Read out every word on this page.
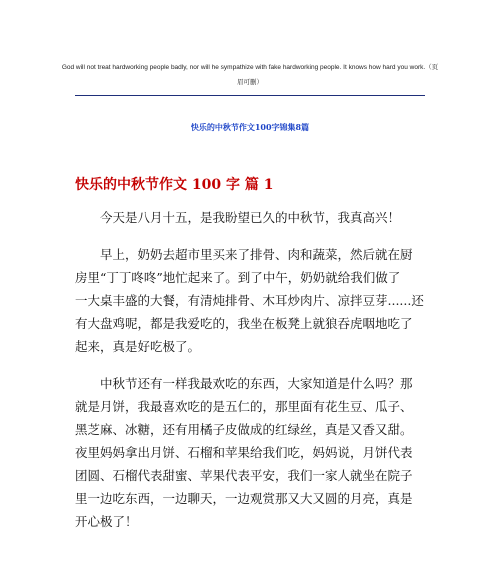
God will not treat hardworking people badly, nor will he sympathize with fake hardworking people. It knows how hard you work.（页眉可删）
快乐的中秋节作文100字锦集8篇
快乐的中秋节作文 100 字 篇 1
今天是八月十五，是我盼望已久的中秋节，我真高兴！
早上，奶奶去超市里买来了排骨、肉和蔬菜，然后就在厨
房里“丁丁咚咚”地忙起来了。到了中午，奶奶就给我们做了
一大桌丰盛的大餐，有清炖排骨、木耳炒肉片、凉拌豆芽......还
有大盘鸡呢，都是我爱吃的，我坐在板凳上就狼吞虎咽地吃了
起来，真是好吃极了。
中秋节还有一样我最欢吃的东西，大家知道是什么吗？那
就是月饼，我最喜欢吃的是五仁的，那里面有花生豆、瓜子、
黑芝麻、冰糖，还有用橘子皮做成的红绿丝，真是又香又甜。
夜里妈妈拿出月饼、石榴和苹果给我们吃，妈妈说，月饼代表
团圆、石榴代表甜蜜、苹果代表平安，我们一家人就坐在院子
里一边吃东西，一边聊天，一边观赏那又大又圆的月亮，真是
开心极了！
